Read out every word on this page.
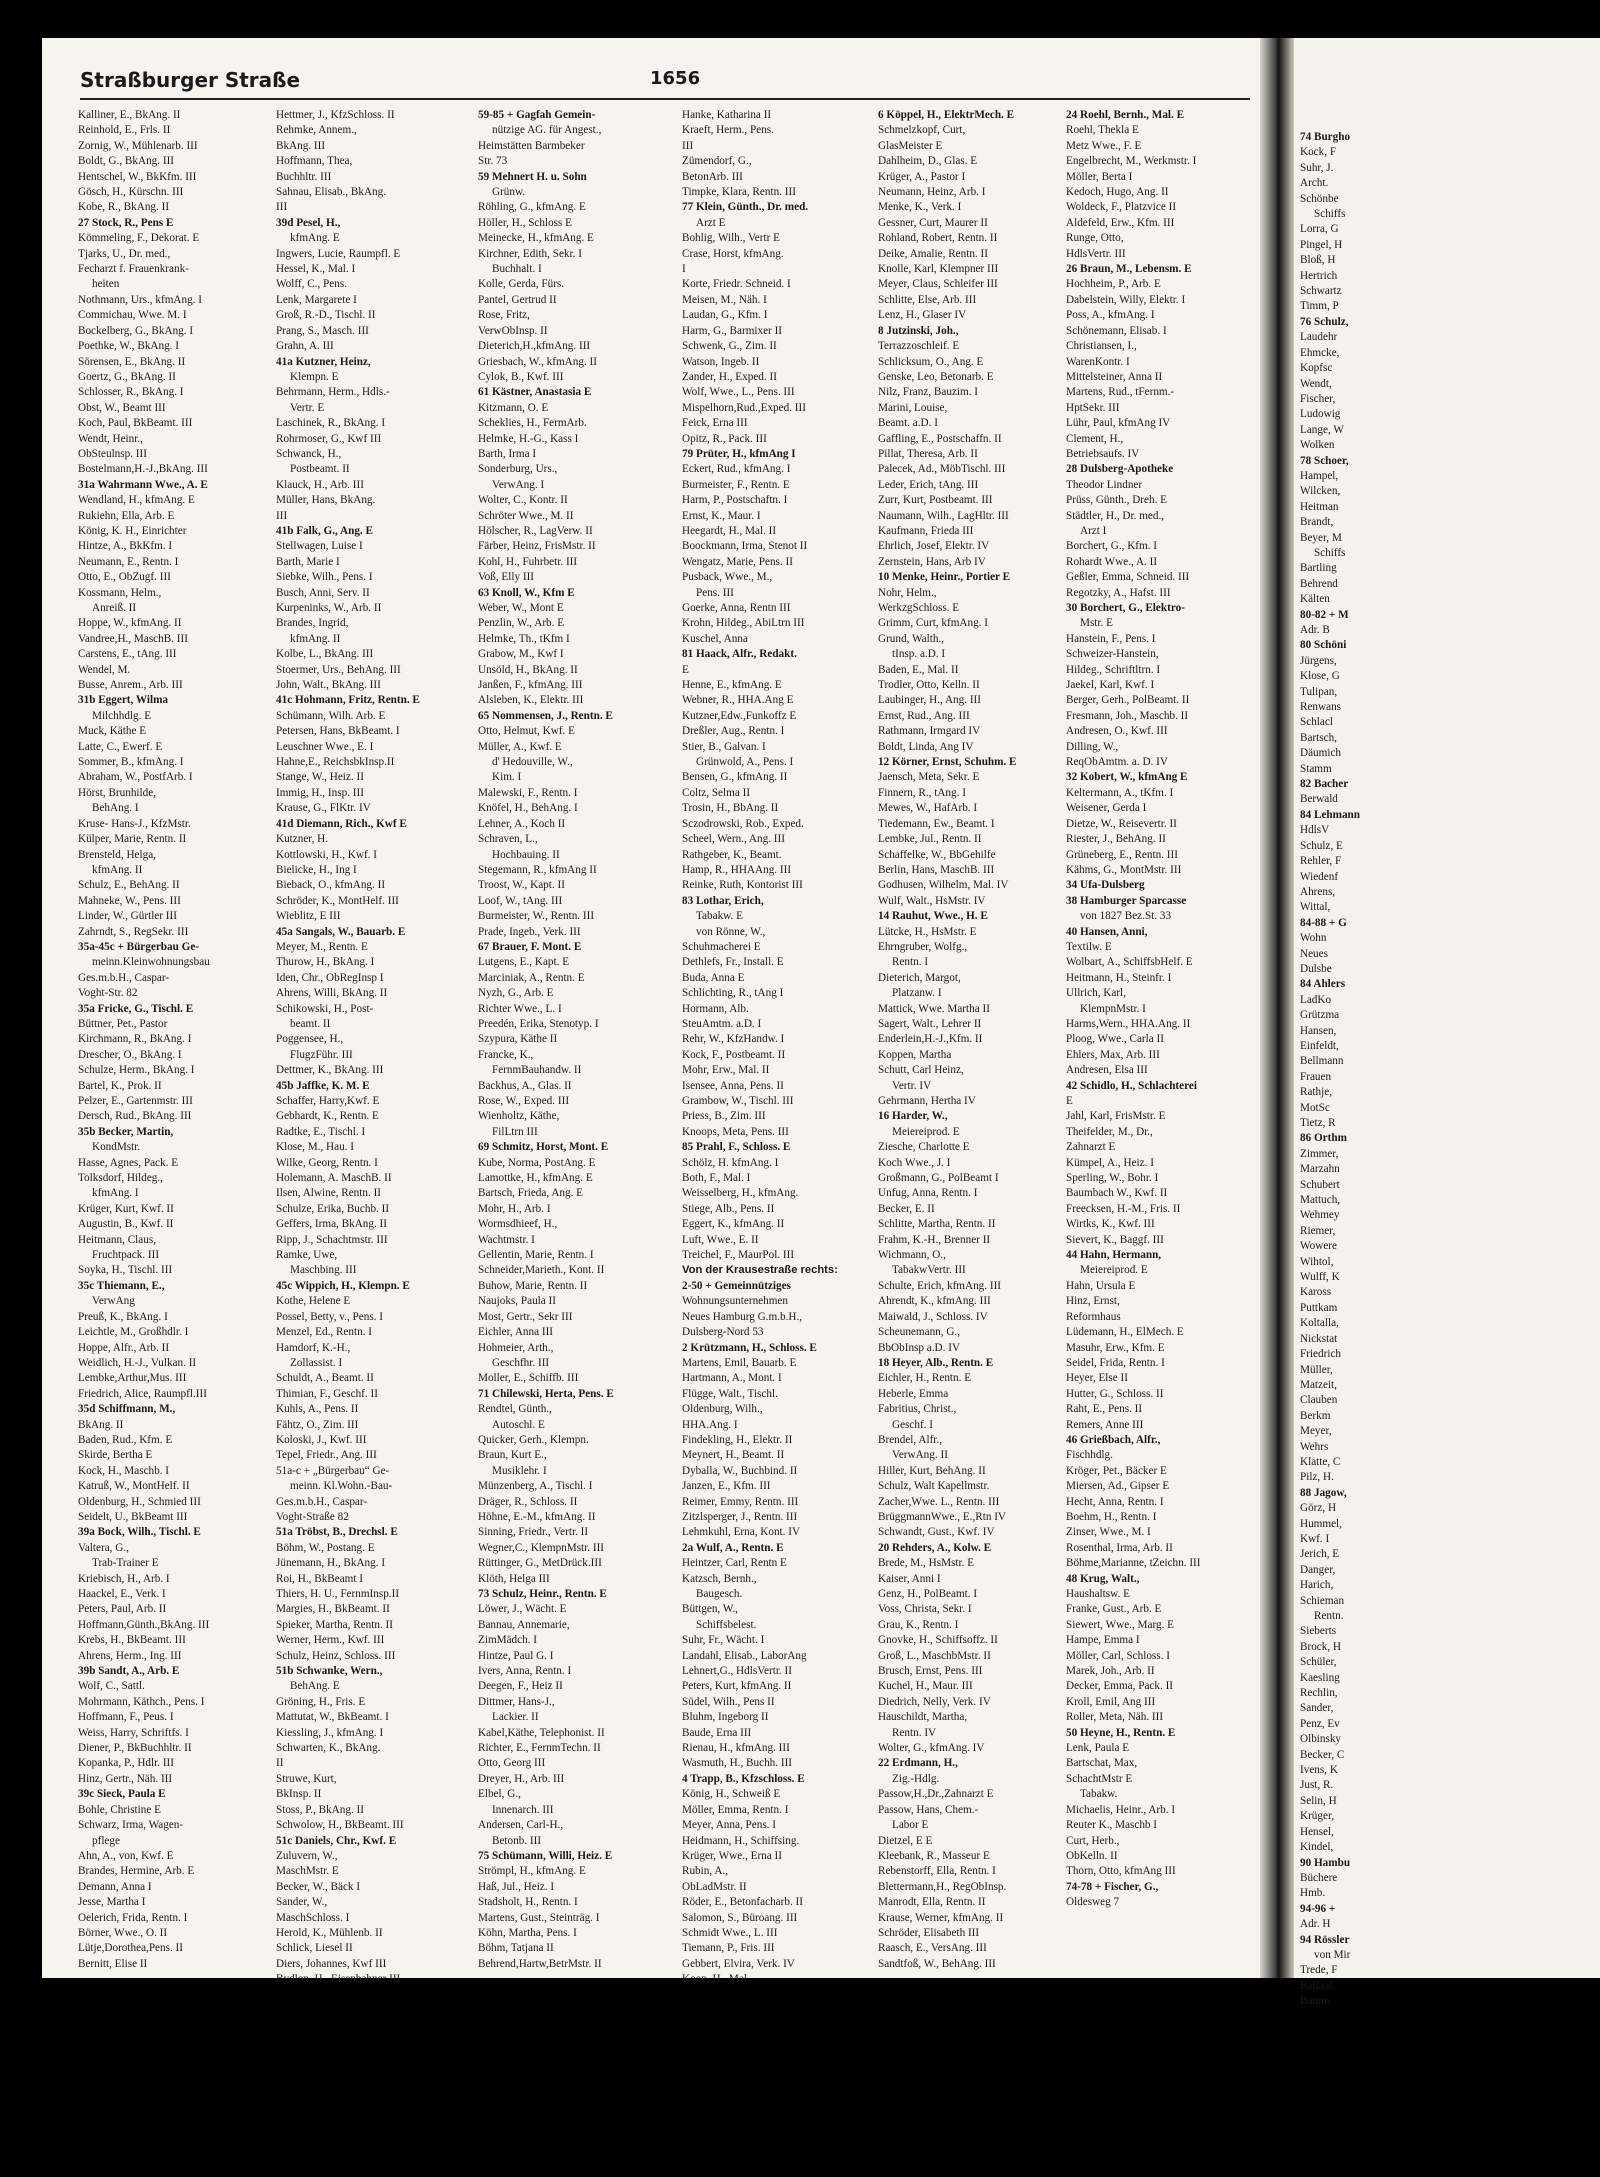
74 Burgho
Kock, F
Suhr, J.
Archt.
Schönbe
Schiffs
Lorra, G
Pingel, H
Bloß, H
Hertrich
Schwartz
Timm, P
76 Schulz,
Laudehr
Ehmcke,
Kopfsc
Wendt,
Fischer,
Ludowig
Lange, W
Wolken
78 Schoer,
Hampel,
Wilcken,
Heitman
Brandt,
Beyer, M
Schiffs
Bartling
Behrend
Kälten
80-82 + M
Adr. B
80 Schöni
Jürgens,
Klose, G
Tulipan,
Renwans
Schlacl
Bartsch,
Däumich
Stamm
82 Bacher
Berwald
84 Lehmann
HdlsV
Schulz, E
Rehler, F
Wiedenf
Ahrens,
Wittal,
84-88 + G
Wohn
Neues
Dulsbe
84 Ahlers
LadKo
Grützma
Hansen,
Einfeldt,
Bellmann
Frauen
Rathje,
MotSc
Tietz, R
86 Orthm
Zimmer,
Marzahn
Schubert
Mattuch,
Wehmey
Riemer,
Wowere
Wihtol,
Wulff, K
Kaross
Puttkam
Koltalla,
Nickstat
Friedrich
Müller,
Matzeit,
Clauben
Berkm
Meyer,
Wehrs
Klatte, C
Pilz, H.
88 Jagow,
Görz, H
Hummel,
Kwf. I
Jerich, E
Danger,
Harich,
Schieman
Rentn.
Sieberts
Brock, H
Schüler,
Kaesling
Rechlin,
Sander,
Penz, Ev
Olbinsky
Becker, C
Ivens, K
Just, R.
Selin, H
Krüger,
Hensel,
Kindel,
90 Hambu
Büchere
Hmb.
94-96 +
Adr. H
94 Rössler
von Mir
Trede, F
Ballauf,
Baums
Straßburger Straße	1656
Kalliner, E., BkAng. II
Reinhold, E., Frls. II
Zornig, W., Mühlenarb. III
Boldt, G., BkAng. III
Hentschel, W., BkKfm. III
Gösch, H., Kürschn. III
Kobe, R., BkAng. II
27 Stock, R., Pens E
Kömmeling, F., Dekorat. E
Tjarks, U., Dr. med.,
Fecharzt f. Frauenkrank-
heiten
Nothmann, Urs., kfmAng. I
Commichau, Wwe. M. I
Bockelberg, G., BkAng. I
Poethke, W., BkAng. I
Sörensen, E., BkAng. II
Goertz, G., BkAng. II
Schlosser, R., BkAng. I
Obst, W., Beamt III
Koch, Paul, BkBeamt. III
Wendt, Heinr.,
ObSteulnsp. III
Bostelmann,H.-J.,BkAng. III
31a Wahrmann Wwe., A. E
Wendland, H., kfmAng. E
Rukiehn, Ella, Arb. E
König, K. H., Einrichter
Hintze, A., BkKfm. I
Neumann, E., Rentn. I
Otto, E., ObZugf. III
Kossmann, Helm.,
Anreiß. II
Hoppe, W., kfmAng. II
Vandree,H., MaschB. III
Carstens, E., tAng. III
Wendel, M.
Busse, Anrem., Arb. III
31b Eggert, Wilma
Milchhdlg. E
Muck, Käthe E
Latte, C., Ewerf. E
Sommer, B., kfmAng. I
Abraham, W., PostfArb. I
Hörst, Brunhilde,
BehAng. I
Kruse- Hans-J., KfzMstr.
Külper, Marie, Rentn. II
Brensteld, Helga,
kfmAng. II
Schulz, E., BehAng. II
Mahneke, W., Pens. III
Linder, W., Gürtler III
Zahrndt, S., RegSekr. III
35a-45c + Bürgerbau Ge-
meinn.Kleinwohnungsbau
Ges.m.b.H., Caspar-
Voght-Str. 82
35a Fricke, G., Tischl. E
Büttner, Pet., Pastor
Kirchmann, R., BkAng. I
Drescher, O., BkAng. I
Schulze, Herm., BkAng. I
Bartel, K., Prok. II
Pelzer, E., Gartenmstr. III
Dersch, Rud., BkAng. III
35b Becker, Martin,
KondMstr.
Hasse, Agnes, Pack. E
Tolksdorf, Hildeg.,
kfmAng. I
Krüger, Kurt, Kwf. II
Augustin, B., Kwf. II
Heitmann, Claus,
Fruchtpack. III
Soyka, H., Tischl. III
35c Thiemann, E.,
VerwAng
Preuß, K., BkAng. I
Leichtle, M., Großhdlr. I
Hoppe, Alfr., Arb. II
Weidlich, H.-J., Vulkan. II
Lembke,Arthur,Mus. III
Friedrich, Alice, Raumpfl.III
35d Schiffmann, M.,
BkAng. II
Baden, Rud., Kfm. E
Skirde, Bertha E
Kock, H., Maschb. I
Katruß, W., MontHelf. II
Oldenburg, H., Schmied III
Seidelt, U., BkBeamt III
39a Bock, Wilh., Tischl. E
Valtera, G.,
Trab-Trainer E
Kriebisch, H., Arb. I
Haackel, E., Verk. I
Peters, Paul, Arb. II
Hoffmann,Günth.,BkAng. III
Krebs, H., BkBeamt. III
Ahrens, Herm., Ing. III
39b Sandt, A., Arb. E
Wolf, C., Sattl.
Mohrmann, Käthch., Pens. I
Hoffmann, F., Peus. I
Weiss, Harry, Schriftfs. I
Diener, P., BkBuchhltr. II
Kopanka, P., Hdlr. III
Hinz, Gertr., Näh. III
39c Sieck, Paula E
Bohle, Christine E
Schwarz, Irma, Wagen-
pflege
Ahn, A., von, Kwf. E
Brandes, Hermine, Arb. E
Demann, Anna I
Jesse, Martha I
Oelerich, Frida, Rentn. I
Börner, Wwe., O. II
Lütje,Dorothea,Pens. II
Bernitt, Elise II
Hettmer, J., KfzSchloss. II
Rehmke, Annem.,
BkAng. III
Hoffmann, Thea,
Buchhltr. III
Sahnau, Elisab., BkAng.
III
39d Pesel, H.,
kfmAng. E
Ingwers, Lucie, Raumpfl. E
Hessel, K., Mal. I
Wolff, C., Pens.
Lenk, Margarete I
Groß, R.-D., Tischl. II
Prang, S., Masch. III
Grahn, A. III
41a Kutzner, Heinz,
Klempn. E
Behrmann, Herm., Hdls.-
Vertr. E
Laschinek, R., BkAng. I
Rohrmoser, G., Kwf III
Schwanck, H.,
Postbeamt. II
Klauck, H., Arb. III
Müller, Hans, BkAng.
III
41b Falk, G., Ang. E
Stellwagen, Luise I
Barth, Marie I
Siebke, Wilh., Pens. I
Busch, Anni, Serv. II
Kurpeninks, W., Arb. II
Brandes, Ingrid,
kfmAng. II
Kolbe, L., BkAng. III
Stoermer, Urs., BehAng. III
John, Walt., BkAng. III
41c Hohmann, Fritz, Rentn. E
Schümann, Wilh. Arb. E
Petersen, Hans, BkBeamt. I
Leuschner Wwe., E. I
Hahne,E., ReichsbkInsp.II
Stange, W., Heiz. II
Immig, H., Insp. III
Krause, G., FlKtr. IV
41d Diemann, Rich., Kwf E
Kutzner, H.
Kottlowski, H., Kwf. I
Bielicke, H., Ing I
Bieback, O., kfmAng. II
Schröder, K., MontHelf. III
Wieblitz, E III
45a Sangals, W., Bauarb. E
Meyer, M., Rentn. E
Thurow, H., BkAng. I
Iden, Chr., ObRegInsp I
Ahrens, Willi, BkAng. II
Schikowski, H., Post-
beamt. II
Poggensee, H.,
FlugzFühr. III
Dettmer, K., BkAng. III
45b Jaffke, K. M. E
Schaffer, Harry,Kwf. E
Gebhardt, K., Rentn. E
Radtke, E., Tischl. I
Klose, M., Hau. I
Wilke, Georg, Rentn. I
Holemann, A. MaschB. II
Ilsen, Alwine, Rentn. II
Schulze, Erika, Buchb. II
Geffers, Irma, BkAng. II
Ripp, J., Schachtmstr. III
Ramke, Uwe,
Maschbing. III
45c Wippich, H., Klempn. E
Kothe, Helene E
Possel, Betty, v., Pens. I
Menzel, Ed., Rentn. I
Hamdorf, K.-H.,
Zollassist. I
Schuldt, A., Beamt. II
Thimian, F., Geschf. II
Kuhls, A., Pens. II
Fähtz, O., Zim. III
Koloski, J., Kwf. III
Tepel, Friedr., Ang. III
51a-c + „Bürgerbau“ Ge-
meinn. Kl.Wohn.-Bau-
Ges.m.b.H., Caspar-
Voght-Straße 82
51a Tröbst, B., Drechsl. E
Böhm, W., Postang. E
Jünemann, H., BkAng. I
Roi, H., BkBeamt I
Thiers, H. U., FernmInsp.II
Margies, H., BkBeamt. II
Spieker, Martha, Rentn. II
Werner, Herm., Kwf. III
Schulz, Heinz, Schloss. III
51b Schwanke, Wern.,
BehAng. E
Gröning, H., Fris. E
Mattutat, W., BkBeamt. I
Kiessling, J., kfmAng. I
Schwarten, K., BkAng.
II
Struwe, Kurt,
BkInsp. II
Stoss, P., BkAng. II
Schwolow, H., BkBeamt. III
51c Daniels, Chr., Kwf. E
Zuluvern, W.,
MaschMstr. E
Becker, W., Bäck I
Sander, W.,
MaschSchloss. I
Herold, K., Mühlenb. II
Schlick, Liesel II
Diers, Johannes, Kwf III
Bydlon, H., Eisenbahner III
59-85 + Gagfah Gemein-
nützige AG. für Angest.,
Heimstätten Barmbeker
Str. 73
59 Mehnert H. u. Sohn
Grünw.
Röhling, G., kfmAng. E
Höller, H., Schloss E
Meinecke, H., kfmAng. E
Kirchner, Edith, Sekr. I
Buchhalt. I
Kolle, Gerda, Fürs.
Pantel, Gertrud II
Rose, Fritz,
VerwObInsp. II
Dieterich,H.,kfmAng. III
Griesbach, W., kfmAng. II
Cylok, B., Kwf. III
61 Kästner, Anastasia E
Kitzmann, O. E
Scheklies, H., FermArb.
Helmke, H.-G., Kass I
Barth, Irma I
Sonderburg, Urs.,
VerwAng. I
Wolter, C., Kontr. II
Schröter Wwe., M. II
Hölscher, R., LagVerw. II
Färber, Heinz, FrisMstr. II
Kohl, H., Fuhrbetr. III
Voß, Elly III
63 Knoll, W., Kfm E
Weber, W., Mont E
Penzlin, W., Arb. E
Helmke, Th., tKfm I
Grabow, M., Kwf I
Unsöld, H., BkAng. II
Janßen, F., kfmAng. III
Alsleben, K., Elektr. III
65 Nommensen, J., Rentn. E
Otto, Helmut, Kwf. E
Müller, A., Kwf. E
d' Hedouville, W.,
Kim. I
Malewski, F., Rentn. I
Knöfel, H., BehAng. I
Lehner, A., Koch II
Schraven, L.,
Hochbauing. II
Stegemann, R., kfmAng II
Troost, W., Kapt. II
Loof, W., tAng. III
Burmeister, W., Rentn. III
Prade, Ingeb., Verk. III
67 Brauer, F. Mont. E
Lutgens, E., Kapt. E
Marciniak, A., Rentn. E
Nyzh, G., Arb. E
Richter Wwe., L. I
Preedén, Erika, Stenotyp. I
Szypura, Käthe II
Francke, K.,
FernmBauhandw. II
Backhus, A., Glas. II
Rose, W., Exped. III
Wienholtz, Käthe,
FilLtrn III
69 Schmitz, Horst, Mont. E
Kube, Norma, PostAng. E
Lamottke, H., kfmAng. E
Bartsch, Frieda, Ang. E
Mohr, H., Arb. I
Wormsdhieef, H.,
Wachtmstr. I
Gellentin, Marie, Rentn. I
Schneider,Marieth., Kont. II
Buhow, Marie, Rentn. II
Naujoks, Paula II
Most, Gertr., Sekr III
Eichler, Anna III
Hohmeier, Arth.,
Geschfhr. III
Moller, E., Schiffb. III
71 Chilewski, Herta, Pens. E
Rendtel, Günth.,
Autoschl. E
Quicker, Gerh., Klempn.
Braun, Kurt E.,
Musiklehr. I
Münzenberg, A., Tischl. I
Dräger, R., Schloss. II
Höhne, E.-M., kfmAng. II
Sinning, Friedr., Vertr. II
Wegner,C., KlempnMstr. III
Rüttinger, G., MetDrück.III
Klöth, Helga III
73 Schulz, Heinr., Rentn. E
Löwer, J., Wächt. E
Bannau, Annemarie,
ZimMädch. I
Hintze, Paul G. I
Ivers, Anna, Rentn. I
Deegen, F., Heiz II
Dittmer, Hans-J.,
Lackier. II
Kabel,Käthe, Telephonist. II
Richter, E., FernmTechn. II
Otto, Georg III
Dreyer, H., Arb. III
Elbel, G.,
Innenarch. III
Andersen, Carl-H.,
Betonb. III
75 Schümann, Willi, Heiz. E
Strömpl, H., kfmAng. E
Haß, Jul., Heiz. I
Stadsholt, H., Rentn. I
Martens, Gust., Steinträg. I
Köhn, Martha, Pens. I
Böhm, Tatjana II
Behrend,Hartw,BetrMstr. II
Hanke, Katharina II
Kraeft, Herm., Pens.
III
Zümendorf, G.,
BetonArb. III
Timpke, Klara, Rentn. III
77 Klein, Günth., Dr. med.
Arzt E
Bohlig, Wilh., Vertr E
Crase, Horst, kfmAng.
I
Korte, Friedr. Schneid. I
Meisen, M., Näh. I
Laudan, G., Kfm. I
Harm, G., Barmixer II
Schwenk, G., Zim. II
Watson, Ingeb. II
Zander, H., Exped. II
Wolf, Wwe., L., Pens. III
Mispelhorn,Rud.,Exped. III
Feick, Erna III
Opitz, R., Pack. III
79 Prüter, H., kfmAng I
Eckert, Rud., kfmAng. I
Burmeister, F., Rentn. E
Harm, P., Postschaftn. I
Ernst, K., Maur. I
Heegardt, H., Mal. II
Boockmann, Irma, Stenot II
Wengatz, Marie, Pens. II
Pusback, Wwe., M.,
Pens. III
Goerke, Anna, Rentn III
Krohn, Hildeg., AbiLtrn III
Kuschel, Anna
81 Haack, Alfr., Redakt.
E
Henne, E., kfmAng. E
Webner, R., HHA.Ang E
Kutzner,Edw.,Funkoffz E
Dreßler, Aug., Rentn. I
Stier, B., Galvan. I
Grünwold, A., Pens. I
Bensen, G., kfmAng. II
Coltz, Selma II
Trosin, H., BbAng. II
Sczodrowski, Rob., Exped.
Scheel, Wern., Ang. III
Rathgeber, K., Beamt.
Hamp, R., HHAAng. III
Reinke, Ruth, Kontorist III
83 Lothar, Erich,
Tabakw. E
von Rönne, W.,
Schuhmacherei E
Dethlefs, Fr., Install. E
Buda, Anna E
Schlichting, R., tAng I
Hormann, Alb.
SteuAmtm. a.D. I
Rehr, W., KfzHandw. I
Kock, F., Postbeamt. II
Mohr, Erw., Mal. II
Isensee, Anna, Pens. II
Grambow, W., Tischl. III
Priess, B., Zim. III
Knoops, Meta, Pens. III
85 Prahl, F., Schloss. E
Schölz, H. kfmAng. I
Both, F., Mal. I
Weisselberg, H., kfmAng.
Stiege, Alb., Pens. II
Eggert, K., kfmAng. II
Luft, Wwe., E. II
Treichel, F., MaurPol. III
Von der Krausestraße rechts:
2-50 + Gemeinnütziges
Wohnungsunternehmen
Neues Hamburg G.m.b.H.,
Dulsberg-Nord 53
2 Krützmann, H., Schloss. E
Martens, Emil, Bauarb. E
Hartmann, A., Mont. I
Flügge, Walt., Tischl.
Oldenburg, Wilh.,
HHA.Ang. I
Findekling, H., Elektr. II
Meynert, H., Beamt. II
Dyballa, W., Buchbind. II
Janzen, E., Kfm. III
Reimer, Emmy, Rentn. III
Zitzlsperger, J., Rentn. III
Lehmkuhl, Erna, Kont. IV
2a Wulf, A., Rentn. E
Heintzer, Carl, Rentn E
Katzsch, Bernh.,
Baugesch.
Büttgen, W.,
Schiffsbelest.
Suhr, Fr., Wächt. I
Landahl, Elisab., LaborAng
Lehnert,G., HdlsVertr. II
Peters, Kurt, kfmAng. II
Südel, Wilh., Pens II
Bluhm, Ingeborg II
Baude, Erna III
Rienau, H., kfmAng. III
Wasmuth, H., Buchh. III
4 Trapp, B., Kfzschloss. E
König, H., Schweiß E
Möller, Emma, Rentn. I
Meyer, Anna, Pens. I
Heidmann, H., Schiffsing.
Krüger, Wwe., Erna II
Rubin, A.,
ObLadMstr. II
Röder, E., Betonfacharb. II
Salomon, S., Büroang. III
Schmidt Wwe., L. III
Tiemann, P., Fris. III
Gebbert, Elvira, Verk. IV
Koop, H., Mal.
6 Köppel, H., ElektrMech. E
Schmelzkopf, Curt,
GlasMeister E
Dahlheim, D., Glas. E
Krüger, A., Pastor I
Neumann, Heinz, Arb. I
Menke, K., Verk. I
Gessner, Curt, Maurer II
Rohland, Robert, Rentn. II
Deike, Amalie, Rentn. II
Knolle, Karl, Klempner III
Meyer, Claus, Schleifer III
Schlitte, Else, Arb. III
Lenz, H., Glaser IV
8 Jutzinski, Joh.,
Terrazzoschleif. E
Schlicksum, O., Ang. E
Genske, Leo, Betonarb. E
Nilz, Franz, Bauzim. I
Marini, Louise,
Beamt. a.D. I
Gaffling, E., Postschaffn. II
Pillat, Theresa, Arb. II
Palecek, Ad., MöbTischl. III
Leder, Erich, tAng. III
Zurr, Kurt, Postbeamt. III
Naumann, Wilh., LagHltr. III
Kaufmann, Frieda III
Ehrlich, Josef, Elektr. IV
Zernstein, Hans, Arb IV
10 Menke, Heinr., Portier E
Nohr, Helm.,
WerkzgSchloss. E
Grimm, Curt, kfmAng. I
Grund, Walth.,
tInsp. a.D. I
Baden, E., Mal. II
Trodler, Otto, Kelln. II
Laubinger, H., Ang. III
Ernst, Rud., Ang. III
Rathmann, Irmgard IV
Boldt, Linda, Ang IV
12 Körner, Ernst, Schuhm. E
Jaensch, Meta, Sekr. E
Finnern, R., tAng. I
Mewes, W., HafArb. I
Tiedemann, Ew., Beamt. I
Lembke, Jul., Rentn. II
Schaffelke, W., BbGehilfe
Berlin, Hans, MaschB. III
Godhusen, Wilhelm, Mal. IV
Wulf, Walt., HsMstr. IV
14 Rauhut, Wwe., H. E
Lütcke, H., HsMstr. E
Ehrngruber, Wolfg.,
Rentn. I
Dieterich, Margot,
Platzanw. I
Mattick, Wwe. Martha II
Sagert, Walt., Lehrer II
Enderlein,H.-J.,Kfm. II
Koppen, Martha
Schutt, Carl Heinz,
Vertr. IV
Gehrmann, Hertha IV
16 Harder, W.,
Meiereiprod. E
Ziesche, Charlotte E
Koch Wwe., J. I
Großmann, G., PolBeamt I
Unfug, Anna, Rentn. I
Becker, E. II
Schlitte, Martha, Rentn. II
Frahm, K.-H., Brenner II
Wichmann, O.,
TabakwVertr. III
Schulte, Erich, kfmAng. III
Ahrendt, K., kfmAng. III
Maiwald, J., Schloss. IV
Scheunemann, G.,
BbObInsp a.D. IV
18 Heyer, Alb., Rentn. E
Eichler, H., Rentn. E
Heberle, Emma
Fabritius, Christ.,
Geschf. I
Brendel, Alfr.,
VerwAng. II
Hiller, Kurt, BehAng. II
Schulz, Walt Kapellmstr.
Zacher,Wwe. L., Rentn. III
BrüggmannWwe., E.,Rtn IV
Schwandt, Gust., Kwf. IV
20 Rehders, A., Kolw. E
Brede, M., HsMstr. E
Kaiser, Anni I
Genz, H., PolBeamt. I
Voss, Christa, Sekr. I
Grau, K., Rentn. I
Gnovke, H., Schiffsoffz. II
Groß, L., MaschbMstr. II
Brusch, Ernst, Pens. III
Kuchel, H., Maur. III
Diedrich, Nelly, Verk. IV
Hauschildt, Martha,
Rentn. IV
Wolter, G., kfmAng. IV
22 Erdmann, H.,
Zig.-Hdlg.
Passow,H.,Dr.,Zahnarzt E
Passow, Hans, Chem.-
Labor E
Dietzel, E E
Kleebank, R., Masseur E
Rebenstorff, Ella, Rentn. I
Blettermann,H., RegObInsp.
Manrodt, Ella, Rentn. II
Krause, Werner, kfmAng. II
Schröder, Elisabeth III
Raasch, E., VersAng. III
Sandtfoß, W., BehAng. III
24 Roehl, Bernh., Mal. E
Roehl, Thekla E
Metz Wwe., F. E
Engelbrecht, M., Werkmstr. I
Möller, Berta I
Kedoch, Hugo, Ang. II
Woldeck, F., Platzvice II
Aldefeld, Erw., Kfm. III
Runge, Otto,
HdlsVertr. III
26 Braun, M., Lebensm. E
Hochheim, P., Arb. E
Dabelstein, Willy, Elektr. I
Poss, A., kfmAng. I
Schönemann, Elisab. I
Christiansen, I.,
WarenKontr. I
Mittelsteiner, Anna II
Martens, Rud., tFernm.-
HptSekr. III
Lühr, Paul, kfmAng IV
Clement, H.,
Betriebsaufs. IV
28 Dulsberg-Apotheke
Theodor Lindner
Prüss, Günth., Dreh. E
Städtler, H., Dr. med.,
Arzt I
Borchert, G., Kfm. I
Rohardt Wwe., A. II
Geßler, Emma, Schneid. III
Regotzky, A., Hafst. III
30 Borchert, G., Elektro-
Mstr. E
Hanstein, F., Pens. I
Schweizer-Hanstein,
Hildeg., Schriftltrn. I
Jaekel, Karl, Kwf. I
Berger, Gerh., PolBeamt. II
Fresmann, Joh., Maschb. II
Andresen, O., Kwf. III
Dilling, W.,
ReqObAmtm. a. D. IV
32 Kobert, W., kfmAng E
Keltermann, A., tKfm. I
Weisener, Gerda I
Dietze, W., Reisevertr. II
Riester, J., BehAng. II
Grüneberg, E., Rentn. III
Kähms, G., MontMstr. III
34 Ufa-Dulsberg
38 Hamburger Sparcasse
von 1827 Bez.St. 33
40 Hansen, Anni,
Textilw. E
Wolbart, A., SchiffsbHelf. E
Heitmann, H., Steinfr. I
Ullrich, Karl,
KlempnMstr. I
Harms,Wern., HHA.Ang. II
Ploog, Wwe., Carla II
Ehlers, Max, Arb. III
Andresen, Elsa III
42 Schidlo, H., Schlachterei
E
Jahl, Karl, FrisMstr. E
Theifelder, M., Dr.,
Zahnarzt E
Kümpel, A., Heiz. I
Sperling, W., Bohr. I
Baumbach W., Kwf. II
Freecksen, H.-M., Fris. II
Wirtks, K., Kwf. III
Sievert, K., Baggf. III
44 Hahn, Hermann,
Meiereiprod. E
Hahn, Ursula E
Hinz, Ernst,
Reformhaus
Lüdemann, H., ElMech. E
Masuhr, Erw., Kfm. E
Seidel, Frida, Rentn. I
Heyer, Else II
Hutter, G., Schloss. II
Raht, E., Pens. II
Remers, Anne III
46 Grießbach, Alfr.,
Fischhdlg.
Kröger, Pet., Bäcker E
Miersen, Ad., Gipser E
Hecht, Anna, Rentn. I
Boehm, H., Rentn. I
Zinser, Wwe., M. I
Rosenthal, Irma, Arb. II
Böhme,Marianne, tZeichn. III
48 Krug, Walt.,
Haushaltsw. E
Franke, Gust., Arb. E
Siewert, Wwe., Marg. E
Hampe, Emma I
Möller, Carl, Schloss. I
Marek, Joh., Arb. II
Decker, Emma, Pack. II
Kroll, Emil, Ang III
Roller, Meta, Näh. III
50 Heyne, H., Rentn. E
Lenk, Paula E
Bartschat, Max,
SchachtMstr E
Tabakw.
Michaelis, Heinr., Arb. I
Reuter K., Maschb I
Curt, Herb.,
ObKelln. II
Thorn, Otto, kfmAng III
74-78 + Fischer, G.,
Oldesweg 7
